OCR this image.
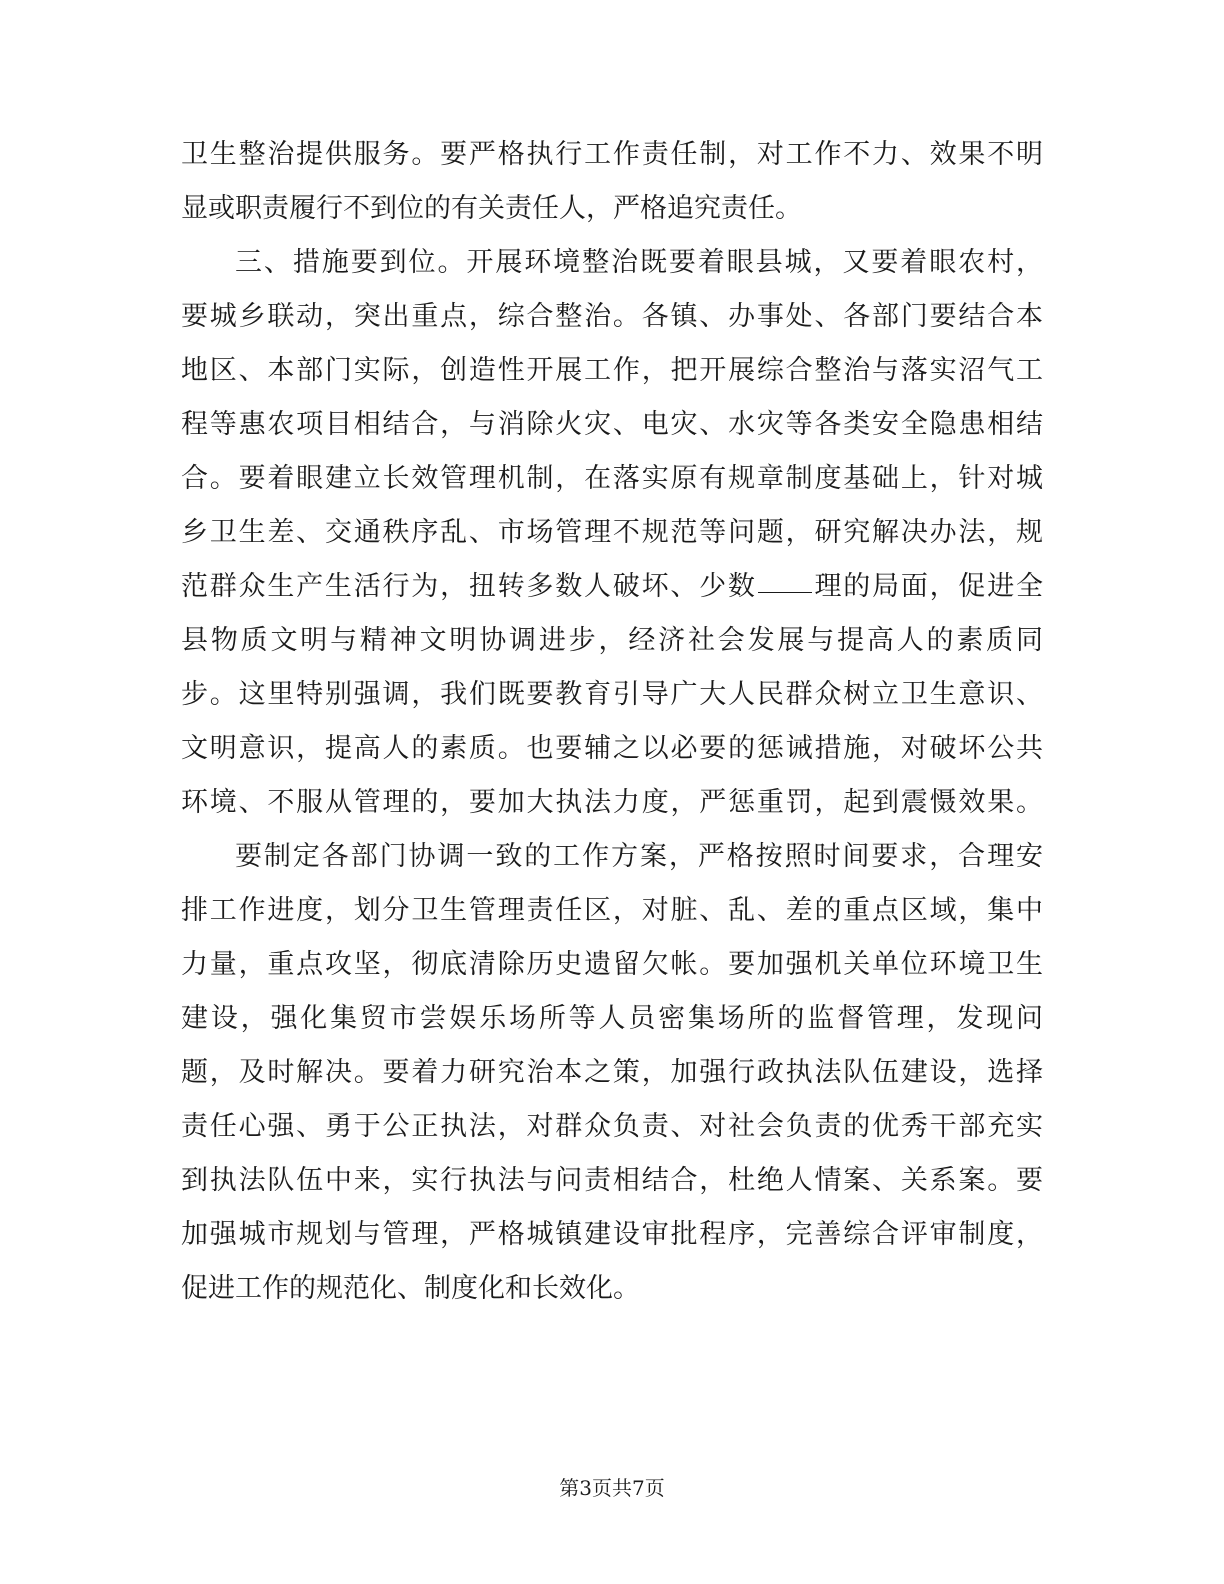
卫生整治提供服务。要严格执行工作责任制，对工作不力、效果不明
显或职责履行不到位的有关责任人，严格追究责任。
三、措施要到位。开展环境整治既要着眼县城，又要着眼农村，
要城乡联动，突出重点，综合整治。各镇、办事处、各部门要结合本
地区、本部门实际，创造性开展工作，把开展综合整治与落实沼气工
程等惠农项目相结合，与消除火灾、电灾、水灾等各类安全隐患相结
合。要着眼建立长效管理机制，在落实原有规章制度基础上，针对城
乡卫生差、交通秩序乱、市场管理不规范等问题，研究解决办法，规
范群众生产生活行为，扭转多数人破坏、少数 理的局面，促进全
县物质文明与精神文明协调进步，经济社会发展与提高人的素质同
步。这里特别强调，我们既要教育引导广大人民群众树立卫生意识、
文明意识，提高人的素质。也要辅之以必要的惩诫措施，对破坏公共
环境、不服从管理的，要加大执法力度，严惩重罚，起到震慑效果。
要制定各部门协调一致的工作方案，严格按照时间要求，合理安
排工作进度，划分卫生管理责任区，对脏、乱、差的重点区域，集中
力量，重点攻坚，彻底清除历史遗留欠帐。要加强机关单位环境卫生
建设，强化集贸市尝娱乐场所等人员密集场所的监督管理，发现问
题，及时解决。要着力研究治本之策，加强行政执法队伍建设，选择
责任心强、勇于公正执法，对群众负责、对社会负责的优秀干部充实
到执法队伍中来，实行执法与问责相结合，杜绝人情案、关系案。要
加强城市规划与管理，严格城镇建设审批程序，完善综合评审制度，
促进工作的规范化、制度化和长效化。
第3页共7页
